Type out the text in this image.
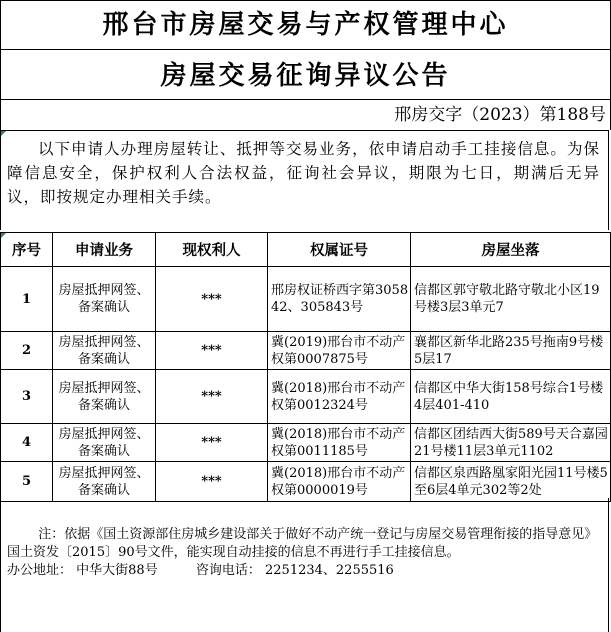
邢台市房屋交易与产权管理中心
房屋交易征询异议公告
邢房交字（2023）第188号
以下申请人办理房屋转让、抵押等交易业务，依申请启动手工挂接信息。为保障信息安全，保护权利人合法权益，征询社会异议，期限为七日，期满后无异议，即按规定办理相关手续。
序号	申请业务	现权利人	权属证号	房屋坐落
1	房屋抵押网签、备案确认	***	邢房权证桥西字第305842、305843号	信都区郭守敬北路守敬北小区19号楼3层3单元7
2	房屋抵押网签、备案确认	***	冀(2019)邢台市不动产权第0007875号	襄都区新华北路235号拖南9号楼5层17
3	房屋抵押网签、备案确认	***	冀(2018)邢台市不动产权第0012324号	信都区中华大街158号综合1号楼4层401-410
4	房屋抵押网签、备案确认	***	冀(2018)邢台市不动产权第0011185号	信都区团结西大街589号天合嘉园21号楼11层3单元1102
5	房屋抵押网签、备案确认	***	冀(2018)邢台市不动产权第0000019号	信都区泉西路凰家阳光园11号楼5至6层4单元302等2处
注：依据《国土资源部住房城乡建设部关于做好不动产统一登记与房屋交易管理衔接的指导意见》国土资发〔2015〕90号文件，能实现自动挂接的信息不再进行手工挂接信息。
办公地址： 中华大街88号	咨询电话： 2251234、2255516
